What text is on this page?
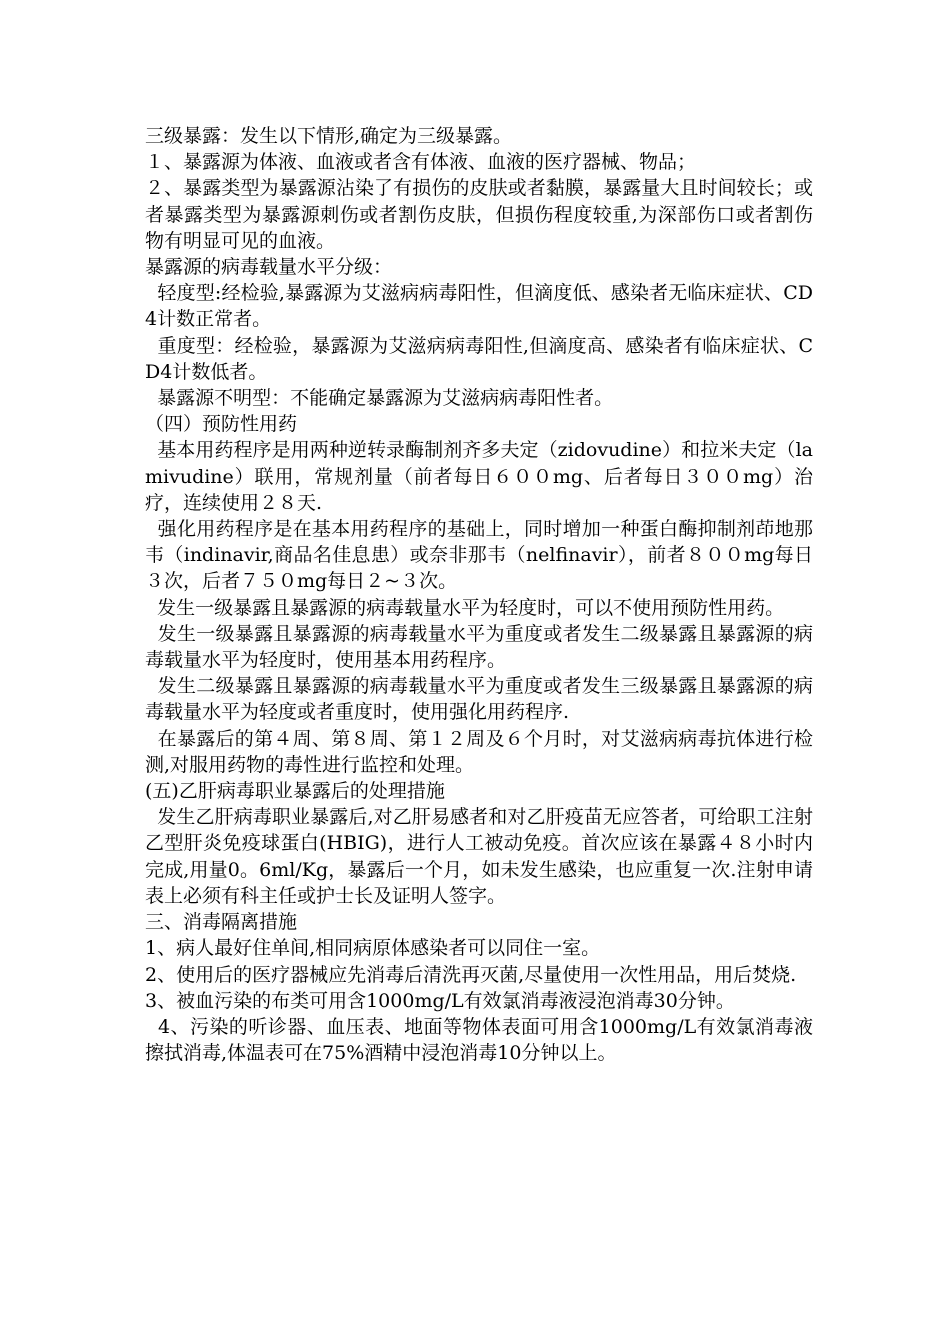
三级暴露：发生以下情形,确定为三级暴露。

１、暴露源为体液、血液或者含有体液、血液的医疗器械、物品；

２、暴露类型为暴露源沾染了有损伤的皮肤或者黏膜，暴露量大且时间较长；或者暴露类型为暴露源刺伤或者割伤皮肤，但损伤程度较重,为深部伤口或者割伤物有明显可见的血液。

暴露源的病毒载量水平分级：

轻度型:经检验,暴露源为艾滋病病毒阳性，但滴度低、感染者无临床症状、CD4计数正常者。

重度型：经检验，暴露源为艾滋病病毒阳性,但滴度高、感染者有临床症状、CD4计数低者。

暴露源不明型：不能确定暴露源为艾滋病病毒阳性者。

（四）预防性用药

基本用药程序是用两种逆转录酶制剂齐多夫定（zidovudine）和拉米夫定（lamivudine）联用，常规剂量（前者每日６００mg、后者每日３００mg）治疗，连续使用２８天.

强化用药程序是在基本用药程序的基础上，同时增加一种蛋白酶抑制剂茚地那韦（indinavir,商品名佳息患）或奈非那韦（nelfinavir），前者８００mg每日３次，后者７５０mg每日２~３次。

发生一级暴露且暴露源的病毒载量水平为轻度时，可以不使用预防性用药。

发生一级暴露且暴露源的病毒载量水平为重度或者发生二级暴露且暴露源的病毒载量水平为轻度时，使用基本用药程序。

发生二级暴露且暴露源的病毒载量水平为重度或者发生三级暴露且暴露源的病毒载量水平为轻度或者重度时，使用强化用药程序.

在暴露后的第４周、第８周、第１２周及６个月时，对艾滋病病毒抗体进行检测,对服用药物的毒性进行监控和处理。

(五)乙肝病毒职业暴露后的处理措施

发生乙肝病毒职业暴露后,对乙肝易感者和对乙肝疫苗无应答者，可给职工注射乙型肝炎免疫球蛋白(HBIG)，进行人工被动免疫。首次应该在暴露４８小时内完成,用量0。6ml/Kg，暴露后一个月，如未发生感染，也应重复一次.注射申请表上必须有科主任或护士长及证明人签字。

三、消毒隔离措施

1、病人最好住单间,相同病原体感染者可以同住一室。

2、使用后的医疗器械应先消毒后清洗再灭菌,尽量使用一次性用品，用后焚烧.

3、被血污染的布类可用含1000mg/L有效氯消毒液浸泡消毒30分钟。

4、污染的听诊器、血压表、地面等物体表面可用含1000mg/L有效氯消毒液擦拭消毒,体温表可在75%酒精中浸泡消毒10分钟以上。
